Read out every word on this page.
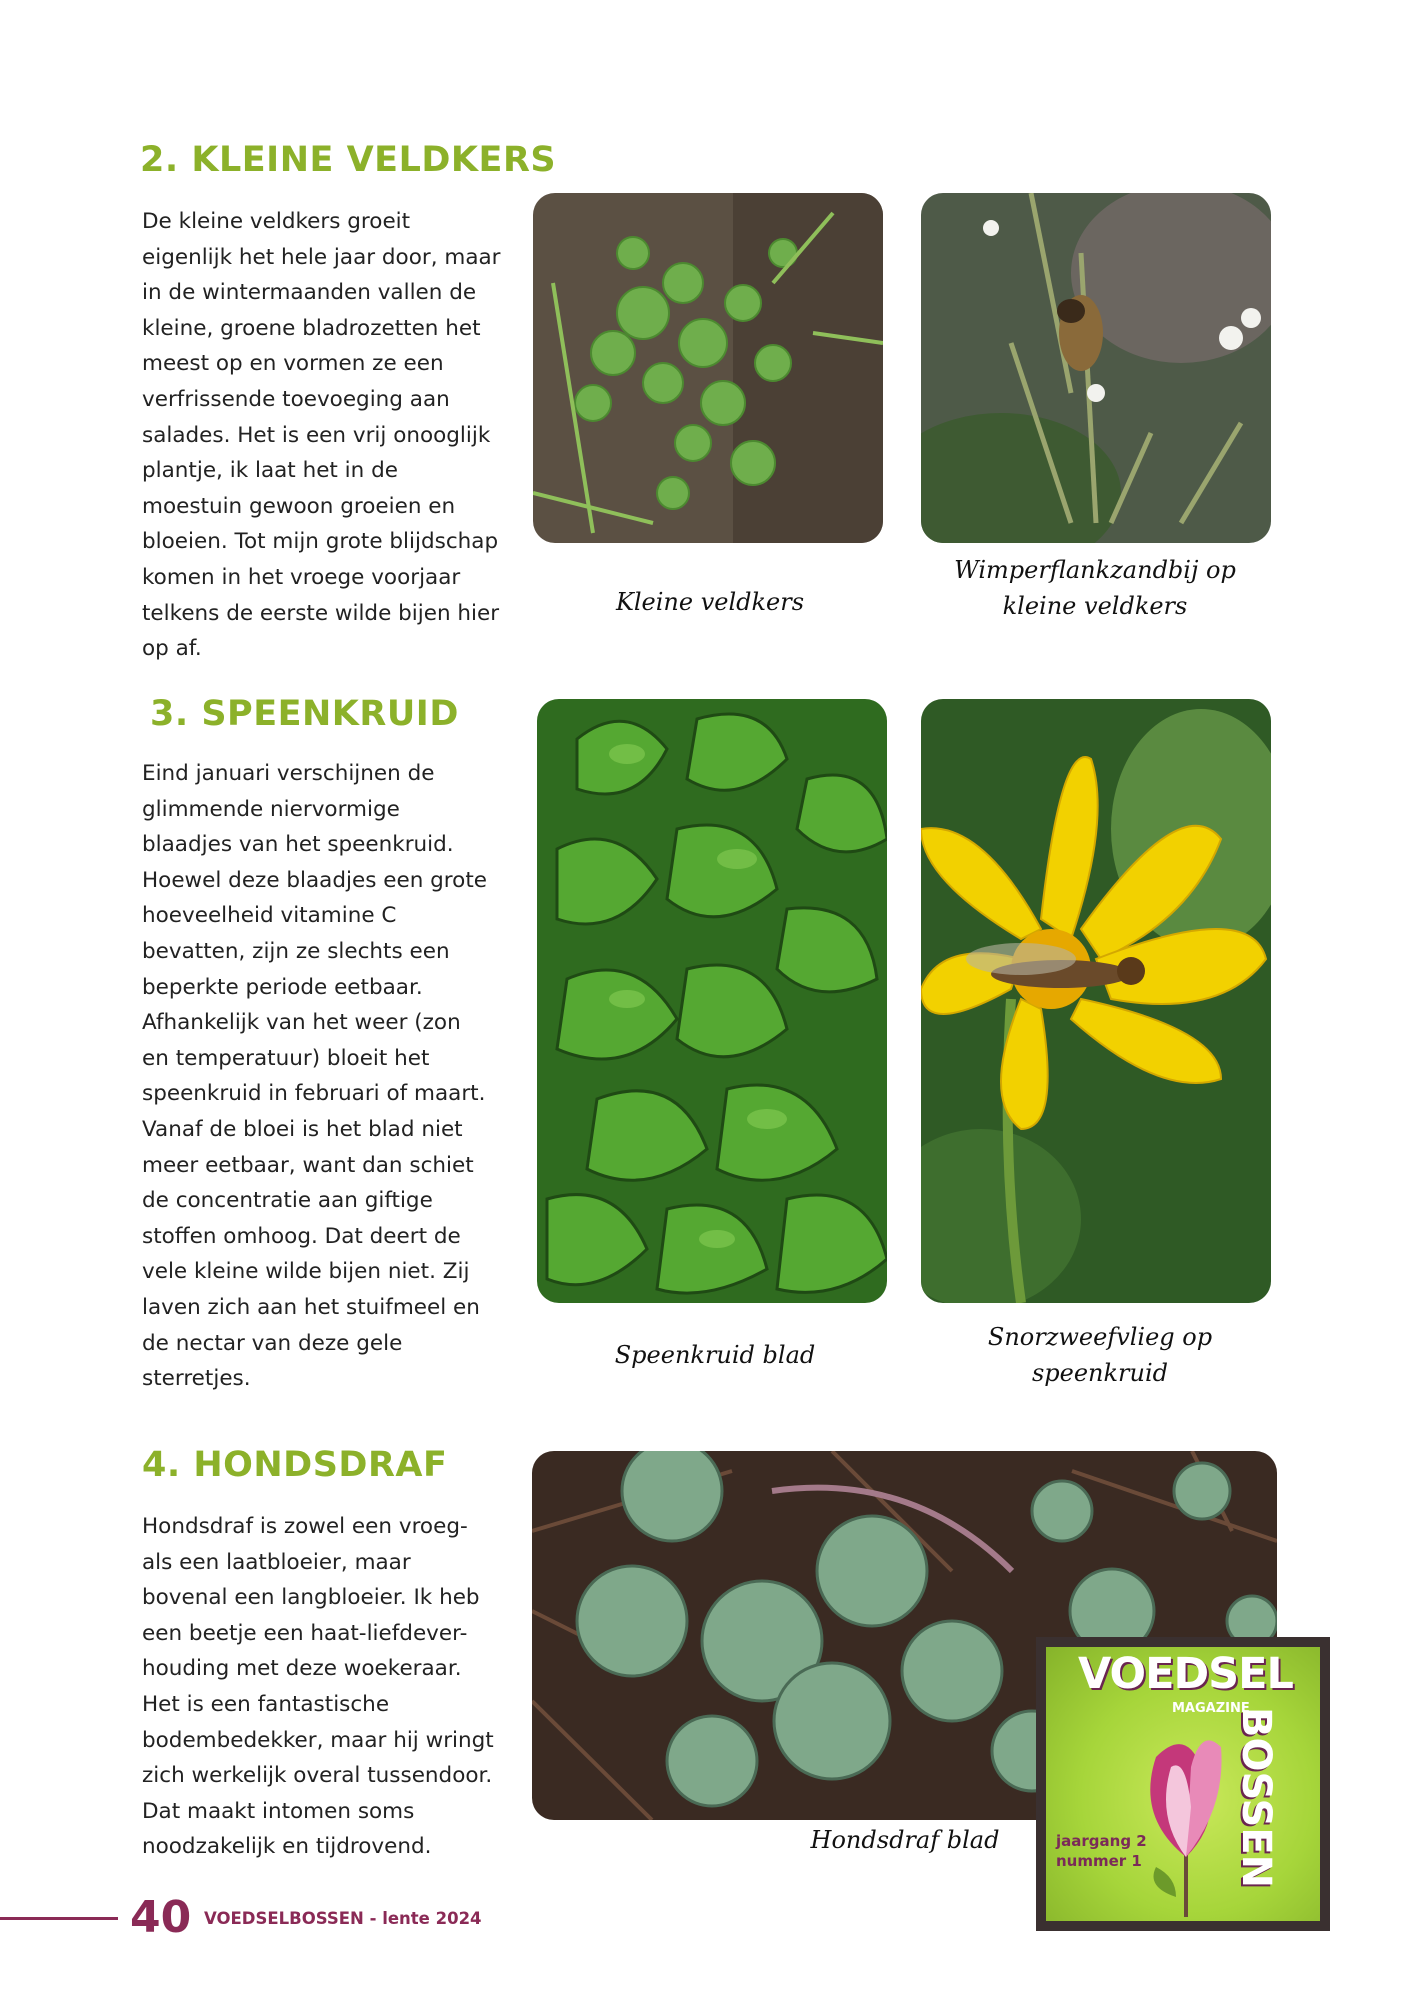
2. KLEINE VELDKERS

De kleine veldkers groeit eigenlijk het hele jaar door, maar in de wintermaanden vallen de kleine, groene bladrozetten het meest op en vormen ze een verfrissende toevoeging aan salades. Het is een vrij onooglijk plantje, ik laat het in de moestuin gewoon groeien en bloeien. Tot mijn grote blijdschap komen in het vroege voorjaar telkens de eerste wilde bijen hier op af.

Kleine veldkers
Wimperflankzandbij op kleine veldkers
3. SPEENKRUID

Eind januari verschijnen de glimmende niervormige blaadjes van het speenkruid. Hoewel deze blaadjes een grote hoeveelheid vitamine C bevatten, zijn ze slechts een beperkte periode eetbaar. Afhankelijk van het weer (zon en temperatuur) bloeit het speenkruid in februari of maart. Vanaf de bloei is het blad niet meer eetbaar, want dan schiet de concentratie aan giftige stoffen omhoog. Dat deert de vele kleine wilde bijen niet. Zij laven zich aan het stuifmeel en de nectar van deze gele sterretjes.

Speenkruid blad
Snorzweefvlieg op speenkruid
4. HONDSDRAF

Hondsdraf is zowel een vroeg- als een laatbloeier, maar bovenal een langbloeier. Ik heb een beetje een haat-liefdever- houding met deze woekeraar. Het is een fantastische bodembedekker, maar hij wringt zich werkelijk overal tussendoor. Dat maakt intomen soms noodzakelijk en tijdrovend.	Hondsdraf blad
40 VOEDSELBOSSEN - lente 2024
VOEDSEL
MAGAZINE
BOSSEN
jaargang 2
nummer 1
